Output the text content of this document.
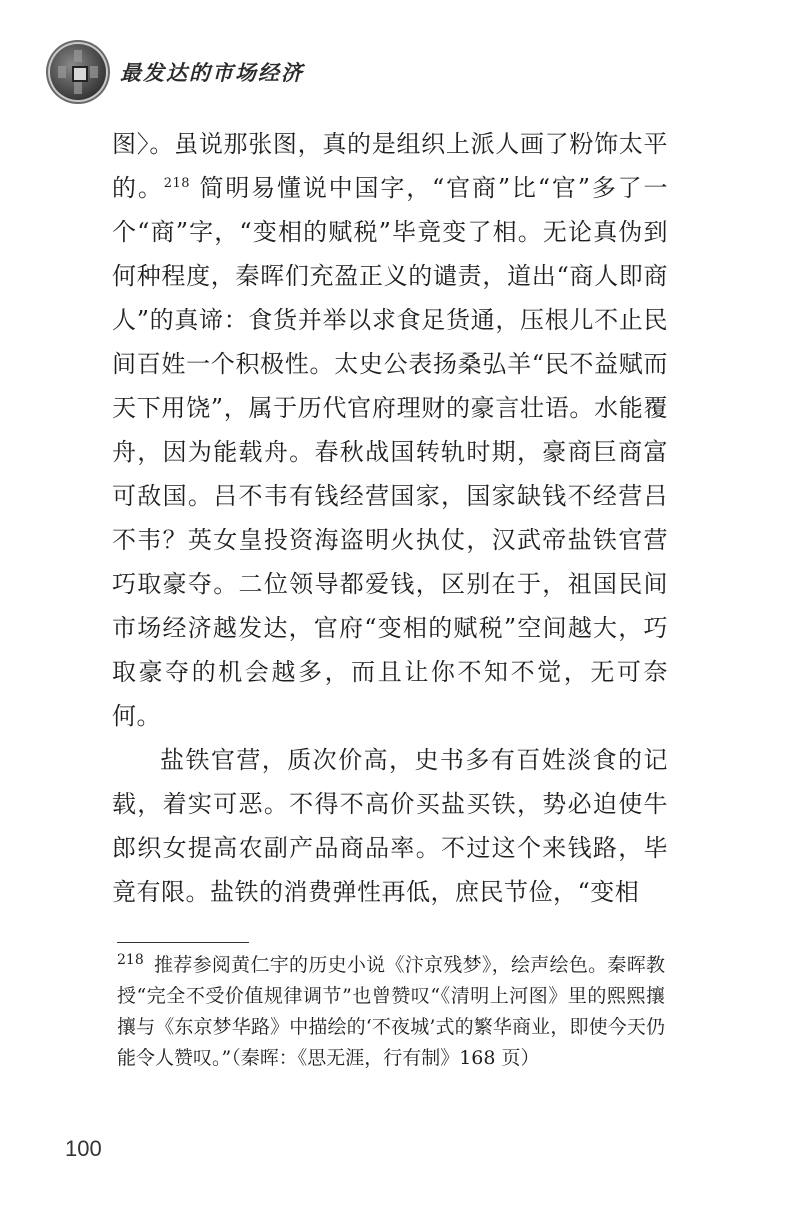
最发达的市场经济

图〉。虽说那张图，真的是组织上派人画了粉饰太平的。$^{218}$ 简明易懂说中国字，“官商”比“官”多了一个“商”字，“变相的赋税”毕竟变了相。无论真伪到何种程度，秦晖们充盈正义的谴责，道出“商人即商人”的真谛：食货并举以求食足货通，压根儿不止民间百姓一个积极性。太史公表扬桑弘羊“民不益赋而天下用饶”，属于历代官府理财的豪言壮语。水能覆舟，因为能载舟。春秋战国转轨时期，豪商巨商富可敌国。吕不韦有钱经营国家，国家缺钱不经营吕不韦？英女皇投资海盗明火执仗，汉武帝盐铁官营巧取豪夺。二位领导都爱钱，区别在于，祖国民间市场经济越发达，官府“变相的赋税”空间越大，巧取豪夺的机会越多，而且让你不知不觉，无可奈何。

盐铁官营，质次价高，史书多有百姓淡食的记载，着实可恶。不得不高价买盐买铁，势必迫使牛郎织女提高农副产品商品率。不过这个来钱路，毕竟有限。盐铁的消费弹性再低，庶民节俭，“变相

$^{218}$ 推荐参阅黄仁宇的历史小说《汴京残梦》，绘声绘色。秦晖教授“完全不受价值规律调节”也曾赞叹“《清明上河图》里的熙熙攘攘与《东京梦华路》中描绘的‘不夜城’式的繁华商业，即使今天仍能令人赞叹。”（秦晖：《思无涯，行有制》168 页）

100
